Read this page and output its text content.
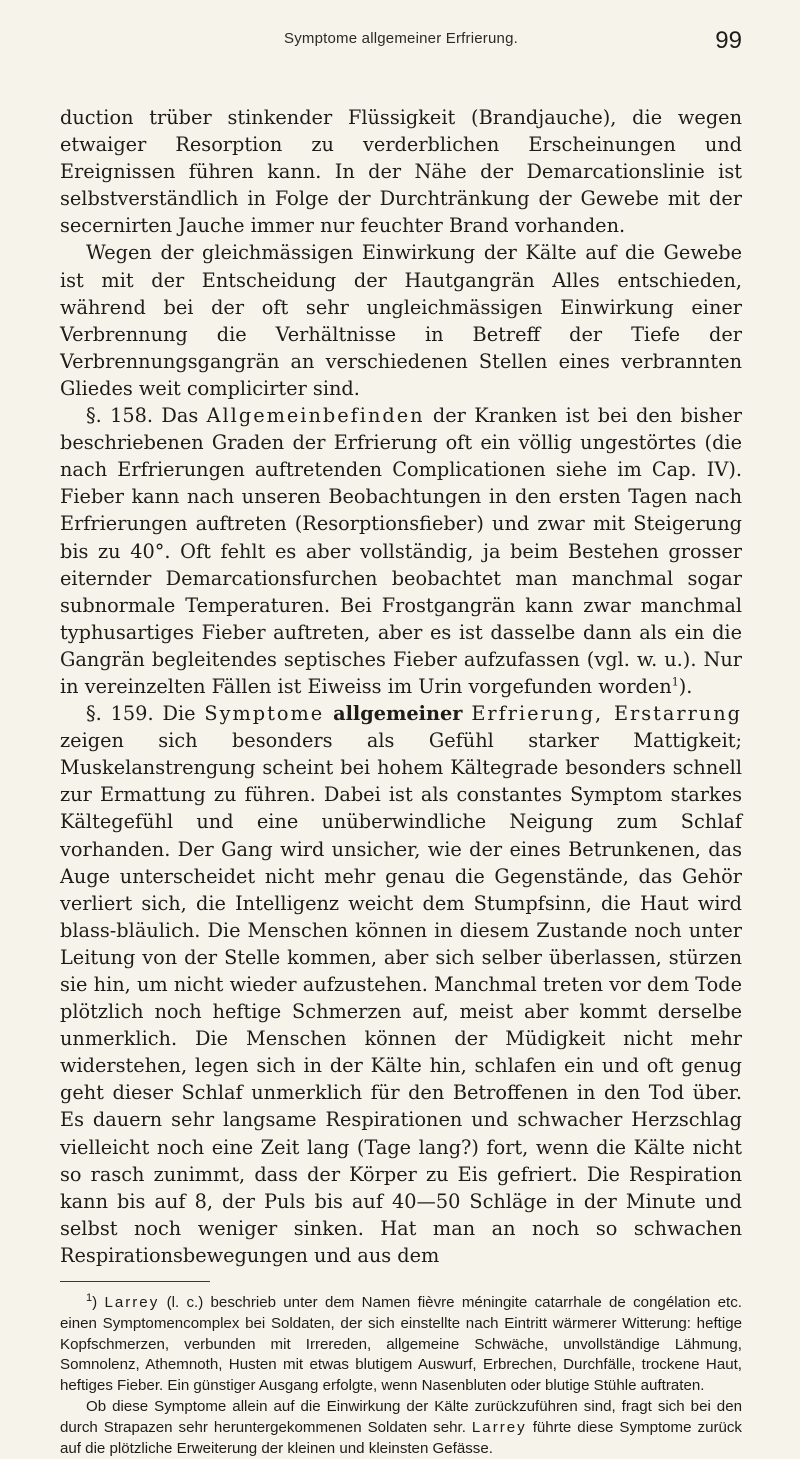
Symptome allgemeiner Erfrierung.	99

duction trüber stinkender Flüssigkeit (Brandjauche), die wegen etwaiger Resorption zu verderblichen Erscheinungen und Ereignissen führen kann. In der Nähe der Demarcationslinie ist selbstverständlich in Folge der Durchtränkung der Gewebe mit der secernirten Jauche immer nur feuchter Brand vorhanden.

Wegen der gleichmässigen Einwirkung der Kälte auf die Gewebe ist mit der Entscheidung der Hautgangrän Alles entschieden, während bei der oft sehr ungleichmässigen Einwirkung einer Verbrennung die Verhältnisse in Betreff der Tiefe der Verbrennungsgangrän an verschiedenen Stellen eines verbrannten Gliedes weit complicirter sind.

§. 158. Das Allgemeinbefinden der Kranken ist bei den bisher beschriebenen Graden der Erfrierung oft ein völlig ungestörtes (die nach Erfrierungen auftretenden Complicationen siehe im Cap. IV). Fieber kann nach unseren Beobachtungen in den ersten Tagen nach Erfrierungen auftreten (Resorptionsfieber) und zwar mit Steigerung bis zu 40°. Oft fehlt es aber vollständig, ja beim Bestehen grosser eiternder Demarcationsfurchen beobachtet man manchmal sogar subnormale Temperaturen. Bei Frostgangrän kann zwar manchmal typhusartiges Fieber auftreten, aber es ist dasselbe dann als ein die Gangrän begleitendes septisches Fieber aufzufassen (vgl. w. u.). Nur in vereinzelten Fällen ist Eiweiss im Urin vorgefunden worden$^1$).

§. 159. Die Symptome allgemeiner Erfrierung, Erstarrung zeigen sich besonders als Gefühl starker Mattigkeit; Muskelanstrengung scheint bei hohem Kältegrade besonders schnell zur Ermattung zu führen. Dabei ist als constantes Symptom starkes Kältegefühl und eine unüberwindliche Neigung zum Schlaf vorhanden. Der Gang wird unsicher, wie der eines Betrunkenen, das Auge unterscheidet nicht mehr genau die Gegenstände, das Gehör verliert sich, die Intelligenz weicht dem Stumpfsinn, die Haut wird blass-bläulich. Die Menschen können in diesem Zustande noch unter Leitung von der Stelle kommen, aber sich selber überlassen, stürzen sie hin, um nicht wieder aufzustehen. Manchmal treten vor dem Tode plötzlich noch heftige Schmerzen auf, meist aber kommt derselbe unmerklich. Die Menschen können der Müdigkeit nicht mehr widerstehen, legen sich in der Kälte hin, schlafen ein und oft genug geht dieser Schlaf unmerklich für den Betroffenen in den Tod über. Es dauern sehr langsame Respirationen und schwacher Herzschlag vielleicht noch eine Zeit lang (Tage lang?) fort, wenn die Kälte nicht so rasch zunimmt, dass der Körper zu Eis gefriert. Die Respiration kann bis auf 8, der Puls bis auf 40—50 Schläge in der Minute und selbst noch weniger sinken. Hat man an noch so schwachen Respirationsbewegungen und aus dem

$^1$) Larrey (l. c.) beschrieb unter dem Namen fièvre méningite catarrhale de congélation etc. einen Symptomencomplex bei Soldaten, der sich einstellte nach Eintritt wärmerer Witterung: heftige Kopfschmerzen, verbunden mit Irrereden, allgemeine Schwäche, unvollständige Lähmung, Somnolenz, Athemnoth, Husten mit etwas blutigem Auswurf, Erbrechen, Durchfälle, trockene Haut, heftiges Fieber. Ein günstiger Ausgang erfolgte, wenn Nasenbluten oder blutige Stühle auftraten.

Ob diese Symptome allein auf die Einwirkung der Kälte zurückzuführen sind, fragt sich bei den durch Strapazen sehr heruntergekommenen Soldaten sehr. Larrey führte diese Symptome zurück auf die plötzliche Erweiterung der kleinen und kleinsten Gefässe.
